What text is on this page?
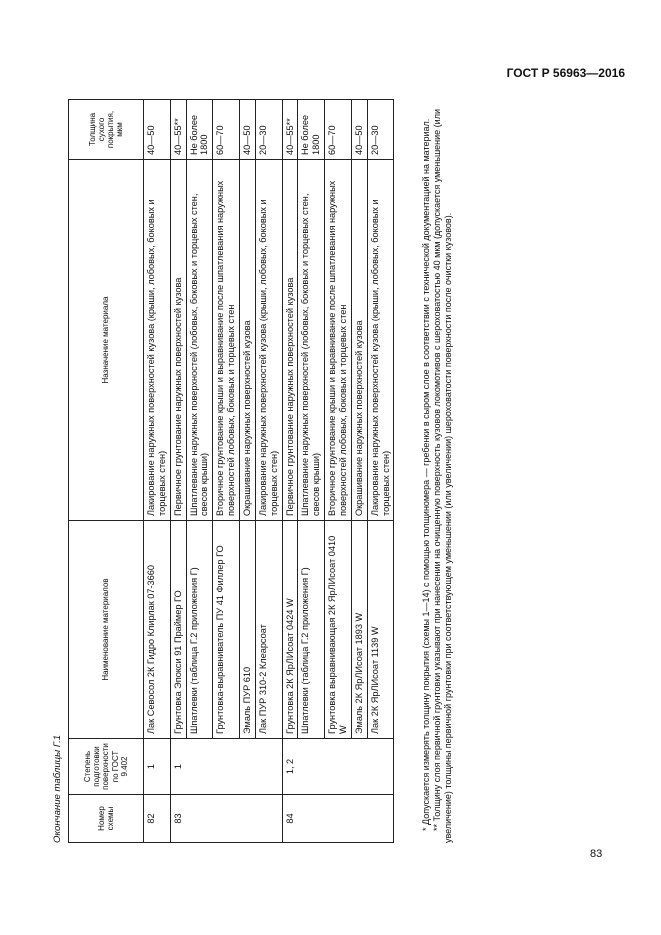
ГОСТ Р 56963—2016
Окончание таблицы Г.1	Номер схемы	Степень подготовки поверхности по ГОСТ 9.402	Наименование материалов	Назначение материала	Толщина сухого покрытия, мкм
82	1	Лак Севосол 2К Гидро Клирлак 07-3660	Лакирование наружных поверхностей кузова (крыши, лобовых, боковых и торцевых стен)	40—50
83	1	Грунтовка Эпокси 91 Праймер ГО	Первичное грунтование наружных поверхностей кузова	40—55**
		Шпатлевки (таблица Г.2 приложения Г)	Шпатлевание наружных поверхностей (лобовых, боковых и торцевых стен, свесов крыши)	Не более 1800
		Грунтовка-выравниватель ПУ 41 Филлер ГО	Вторичное грунтование крыши и выравнивание после шпатлевания наружных поверхностей лобовых, боковых и торцевых стен	60—70
		Эмаль ПУР 610	Окрашивание наружных поверхностей кузова	40—50
		Лак ПУР 310-2 Клеарсоат	Лакирование наружных поверхностей кузова (крыши, лобовых, боковых и торцевых стен)	20—30
84	1, 2	Грунтовка 2К ЯрЛИсоат 0424 W	Первичное грунтование наружных поверхностей кузова	40—55**
		Шпатлевки (таблица Г.2 приложения Г)	Шпатлевание наружных поверхностей (лобовых, боковых и торцевых стен, свесов крыши)	Не более 1800
		Грунтовка выравнивающая 2К ЯрЛИсоат 0410 W	Вторичное грунтование крыши и выравнивание после шпатлевания наружных поверхностей лобовых, боковых и торцевых стен	60—70
		Эмаль 2К ЯрЛИсоат 1893 W	Окрашивание наружных поверхностей кузова	40—50
		Лак 2К ЯрЛИсоат 1139 W	Лакирование наружных поверхностей кузова (крыши, лобовых, боковых и торцевых стен)	20—30	* Допускается измерять толщину покрытия (схемы 1—14) с помощью толщиномера — гребенки в сыром слое в соответствии с технической документацией на материал. ** Толщину слоя первичной грунтовки указывают при нанесении на очищенную поверхность кузовов локомотивов с шероховатостью 40 мкм (допускается уменьшение (или увеличение) толщины первичной грунтовки при соответствующем уменьшении (или увеличении) шероховатости поверхности после очистки кузовов).

83
